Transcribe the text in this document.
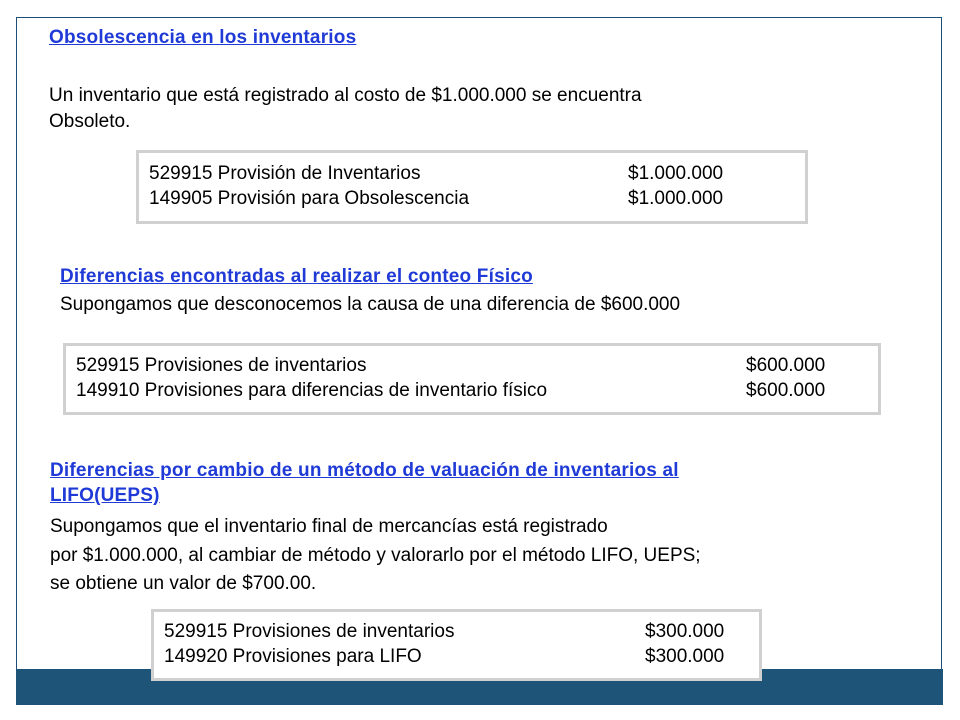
Obsolescencia en los inventarios
Un inventario que está registrado al costo de $1.000.000 se encuentra
Obsoleto.
529915 Provisión de Inventarios	$1.000.000
149905 Provisión para Obsolescencia	$1.000.000
Diferencias encontradas al realizar el conteo Físico
Supongamos que desconocemos la causa de una diferencia de $600.000
529915 Provisiones de inventarios	$600.000
149910 Provisiones para diferencias de inventario físico	$600.000
Diferencias por cambio de un método de valuación de inventarios al
LIFO(UEPS)
Supongamos que el inventario final de mercancías está registrado
por $1.000.000, al cambiar de método y valorarlo por el método LIFO, UEPS;
se obtiene un valor de $700.00.
529915 Provisiones de inventarios	$300.000
149920 Provisiones para LIFO	$300.000
